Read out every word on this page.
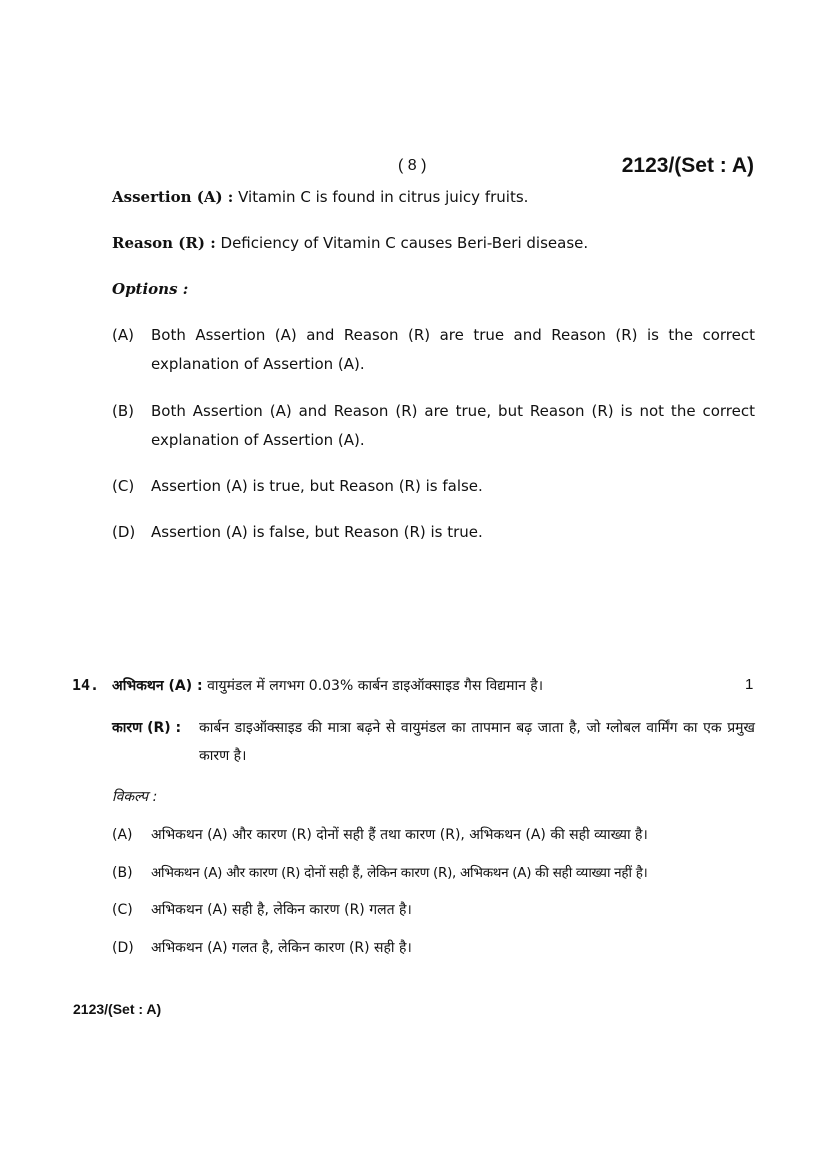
( 8 )	2123/(Set : A)
Assertion (A) : Vitamin C is found in citrus juicy fruits.
Reason (R) : Deficiency of Vitamin C causes Beri-Beri disease.
Options :
(A) Both Assertion (A) and Reason (R) are true and Reason (R) is the correct explanation of Assertion (A).
(B) Both Assertion (A) and Reason (R) are true, but Reason (R) is not the correct explanation of Assertion (A).
(C) Assertion (A) is true, but Reason (R) is false.
(D) Assertion (A) is false, but Reason (R) is true.
14. अभिकथन (A) : वायुमंडल में लगभग 0.03% कार्बन डाइऑक्साइड गैस विद्यमान है।	1
कारण (R) : कार्बन डाइऑक्साइड की मात्रा बढ़ने से वायुमंडल का तापमान बढ़ जाता है, जो ग्लोबल वार्मिंग का एक प्रमुख कारण है।
विकल्प :
(A) अभिकथन (A) और कारण (R) दोनों सही हैं तथा कारण (R), अभिकथन (A) की सही व्याख्या है।
(B) अभिकथन (A) और कारण (R) दोनों सही हैं, लेकिन कारण (R), अभिकथन (A) की सही व्याख्या नहीं है।
(C) अभिकथन (A) सही है, लेकिन कारण (R) गलत है।
(D) अभिकथन (A) गलत है, लेकिन कारण (R) सही है।
2123/(Set : A)
